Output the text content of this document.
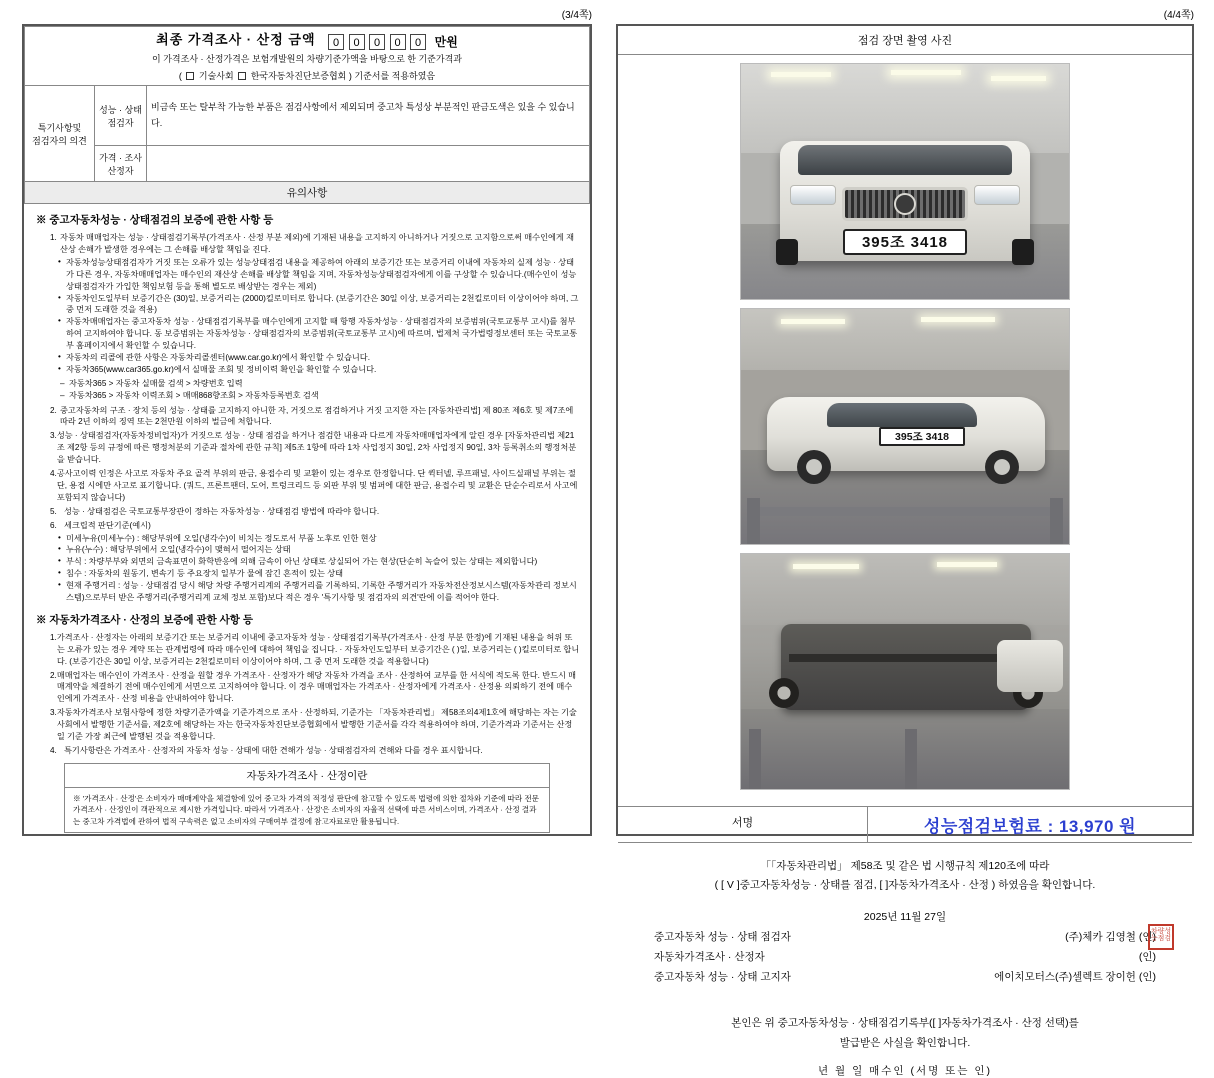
(3/4쪽)
최종 가격조사 · 산정 금액 0 0 0 0 0 만원
이 가격조사 · 산정가격은 보험개발원의 차량기준가액을 바탕으로 한 기준가격과
( 기술사회 한국자동차진단보증협회 ) 기준서를 적용하였음		

특기사항및
점검자의 의견	성능 · 상태점검자	비금속 또는 탈부착 가능한 부품은 점검사항에서 제외되며 중고차 특성상 부분적인 판금도색은 있을 수 있습니다.
	가격 · 조사산정자	
유의사항
※ 중고자동차성능 · 상태점검의 보증에 관한 사항 등
1. 자동차 매매업자는 성능 · 상태점검기록부(가격조사 · 산정 부분 제외)에 기재된 내용을 고지하지 아니하거나 거짓으로 고지함으로써 매수인에게 재산상 손해가 발생한 경우에는 그 손해를 배상할 책임을 진다.
• 자동차성능상태점검자가 거짓 또는 오류가 있는 성능상태점검 내용을 제공하여 아래의 보증기간 또는 보증거리 이내에 자동차의 실제 성능 · 상태가 다른 경우, 자동차매매업자는 매수인의 재산상 손해를 배상할 책임을 지며, 자동차성능상태점검자에게 이를 구상할 수 있습니다.(매수인이 성능상태점검자가 가입한 책임보험 등을 통해 별도로 배상받는 경우는 제외)
• 자동차인도일부터 보증기간은 (30)일, 보증거리는 (2000)킬로미터로 합니다. (보증기간은 30일 이상, 보증거리는 2천킬로미터 이상이어야 하며, 그 중 먼저 도래한 것을 적용)
• 자동차매매업자는 중고자동차 성능 · 상태점검기록부를 매수인에게 고지할 때 항행 자동차성능 · 상태점검자의 보증범위(국토교통부 고시)를 첨부하여 고지하여야 합니다. 동 보증범위는 자동차성능 · 상태점검자의 보증범위(국토교통부 고시)에 따르며, 법제처 국가법령정보센터 또는 국토교통부 홈페이지에서 확인할 수 있습니다.
• 자동차의 리콜에 관한 사항은 자동차리콜센터(www.car.go.kr)에서 확인할 수 있습니다.
• 자동차365(www.car365.go.kr)에서 실매물 조회 및 정비이력 확인을 확인할 수 있습니다.
– 자동차365 > 자동차 실매물 검색 > 차량번호 입력
– 자동차365 > 자동차 이력조회 > 매매868향조회 > 자동차등록번호 검색
2. 중고자동차의 구조 · 장치 등의 성능 · 상태를 고지하지 아니한 자, 거짓으로 점검하거나 거짓 고지한 자는 [자동차관리법] 제 80조 제6호 및 제7조에 따라 2년 이하의 징역 또는 2천만원 이하의 벌금에 처합니다.
3. 성능 · 상태점검자(자동차정비업자)가 거짓으로 성능 · 상태 점검을 하거나 점검한 내용과 다르게 자동차매매업자에게 알린 경우 [자동차관리법 제21조 제2항 등의 규정에 따른 행정처분의 기준과 절차에 관한 규칙] 제5조 1항에 따라 1차 사업정지 30일, 2차 사업정지 90일, 3차 등록취소의 행정처분을 받습니다.
4. 공사고이력 인정은 사고로 자동차 주요 골격 부위의 판금, 용접수리 및 교환이 있는 경우로 한정합니다. 단 퀵터넬, 루프패널, 사이드실패널 부위는 절단, 용접 시에만 사고로 표기합니다. (쿼드, 프론트팬더, 도어, 트렁크리드 등 외판 부위 및 범퍼에 대한 판금, 용접수리 및 교환은 단순수리로서 사고에 포함되지 않습니다)
5. 성능 · 상태점검은 국토교통부장관이 정하는 자동차성능 · 상태점검 방법에 따라야 합니다.
6. 세크립적 판단기준(예시)
• 미세누유(미세누수) : 해당부위에 오일(냉각수)이 비치는 정도로서 부품 노후로 인한 현상
• 누유(누수) : 해당부위에서 오일(냉각수)이 맺혀서 떨어지는 상태
• 부식 : 차량부부와 외면의 금속표면이 화학반응에 의해 금속이 아닌 상태로 상실되어 가는 현상(단순히 녹슬어 있는 상태는 제외합니다)
• 침수 : 자동차의 원동기, 변속기 등 주요장치 일부가 물에 잠긴 흔적이 있는 상태
• 현재 주행거리 : 성능 · 상태점검 당시 해당 차량 주행거리계의 주행거리를 기록하되, 기록한 주행거리가 자동차전산정보시스템(자동차관리 정보시스템)으로부터 받은 주행거리(주행거리계 교체 정보 포함)보다 적은 경우 '특기사항 및 점검자의 의견'란에 이를 적어야 한다.
※ 자동차가격조사 · 산정의 보증에 관한 사항 등
1. 가격조사 · 산정자는 아래의 보증기간 또는 보증거리 이내에 중고자동차 성능 · 상태점검기록부(가격조사 · 산정 부분 한정)에 기재된 내용을 허위 또는 오류가 있는 경우 계약 또는 관계법령에 따라 매수인에 대하여 책임을 집니다. · 자동차인도일부터 보증기간은 ( )일, 보증거리는 ( )킬로미터로 합니다. (보증기간은 30일 이상, 보증거리는 2천킬로미터 이상이어야 하며, 그 중 먼저 도래한 것을 적용합니다)
2. 매매업자는 매수인이 가격조사 · 산정을 원할 경우 가격조사 · 산정자가 해당 자동차 가격을 조사 · 산정하여 교부를 한 서식에 적도록 한다. 반드시 매매계약을 체결하기 전에 매수인에게 서면으로 고지하여야 합니다. 이 경우 매매업자는 가격조사 · 산정자에게 가격조사 · 산정용 의뢰하기 전에 매수인에게 가격조사 · 산정 비용을 안내하여야 합니다.
3. 자동차가격조사 보험사항에 정한 차량기준가액을 기준가격으로 조사 · 산정하되, 기준가는 「자동차관리법」 제58조의4제1호에 해당하는 자는 기술사회에서 발행한 기준서를, 제2호에 해당하는 자는 한국자동차진단보증협회에서 발행한 기준서를 각각 적용하여야 하며, 기준가격과 기준서는 산정일 기준 가장 최근에 발행된 것을 적용합니다.
4. 특기사항란은 가격조사 · 산정자의 자동차 성능 · 상태에 대한 견해가 성능 · 상태점검자의 견해와 다를 경우 표시합니다.
자동차가격조사 · 산정이란
※ '가격조사 · 산정'은 소비자가 매매계약을 체결함에 있어 중고차 가격의 적정성 판단에 참고할 수 있도록 법령에 의한 절차와 기준에 따라 전문 가격조사 · 산정인이 객관적으로 제시한 가격입니다. 따라서 '가격조사 · 산정'은 소비자의 자율적 선택에 따른 서비스이며, 가격조사 · 산정 결과는 중고차 가격법에 관하여 법적 구속력은 없고 소비자의 구매여부 결정에 참고자료로만 활용됩니다.
(4/4쪽)
점검 장면 촬영 사진
395조 3418
395조 3418
서명	성능점검보험료 : 13,970 원
「「자동차관리법」 제58조 및 같은 법 시행규칙 제120조에 따라
( [ V ]중고자동차성능 · 상태를 점검, [ ]자동차가격조사 · 산정 ) 하였음을 확인합니다.
2025년 11월 27일
중고자동차 성능 · 상태 점검자	(주)체카 김영철 (인)
자동차가격조사 · 산정자	(인)
중고자동차 성능 · 상태 고지자	에이치모터스(주)셀렉트 장이헌 (인)
차량성능점검
본인은 위 중고자동차성능 · 상태점검기록부([ ]자동차가격조사 · 산정 선택)를
발급받은 사실을 확인합니다.
년 월 일 매수인 (서명 또는 인)
